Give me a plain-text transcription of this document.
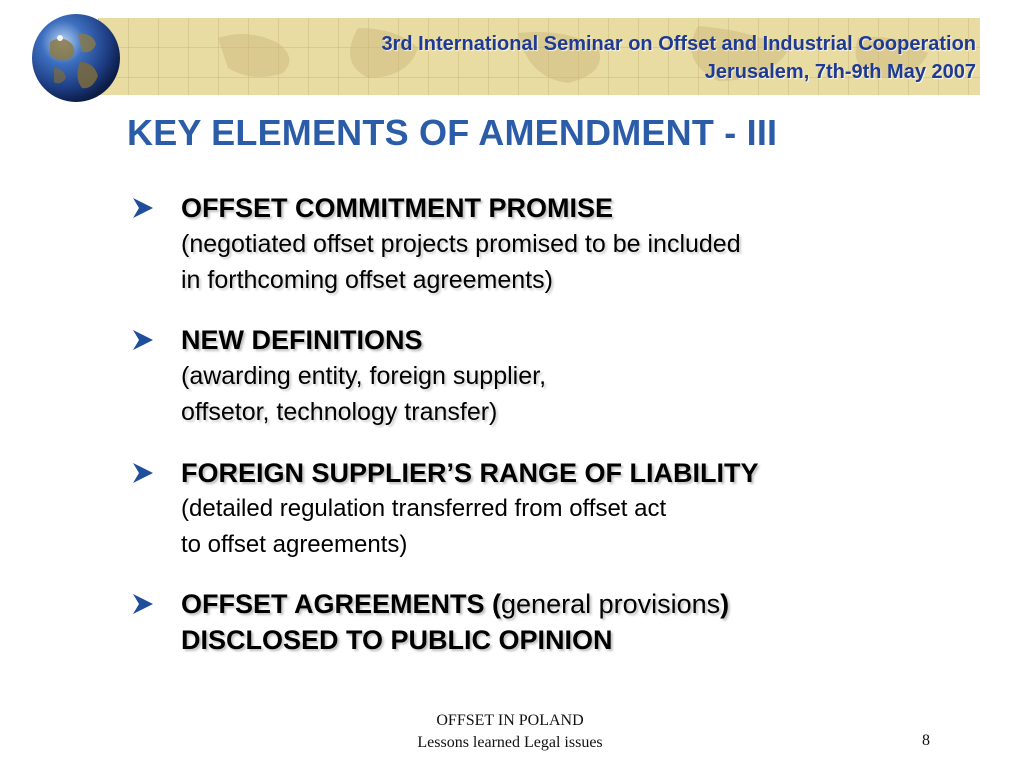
3rd International Seminar on Offset and Industrial Cooperation
Jerusalem, 7th-9th May 2007
KEY ELEMENTS OF AMENDMENT - III
OFFSET COMMITMENT PROMISE
(negotiated offset projects promised to be included
in forthcoming offset agreements)
NEW DEFINITIONS
(awarding entity, foreign supplier,
offsetor, technology transfer)
FOREIGN SUPPLIER’S RANGE OF LIABILITY
(detailed regulation transferred from offset act
to offset agreements)
OFFSET AGREEMENTS (general provisions)
DISCLOSED TO PUBLIC OPINION
OFFSET IN POLAND
Lessons learned Legal issues	8
